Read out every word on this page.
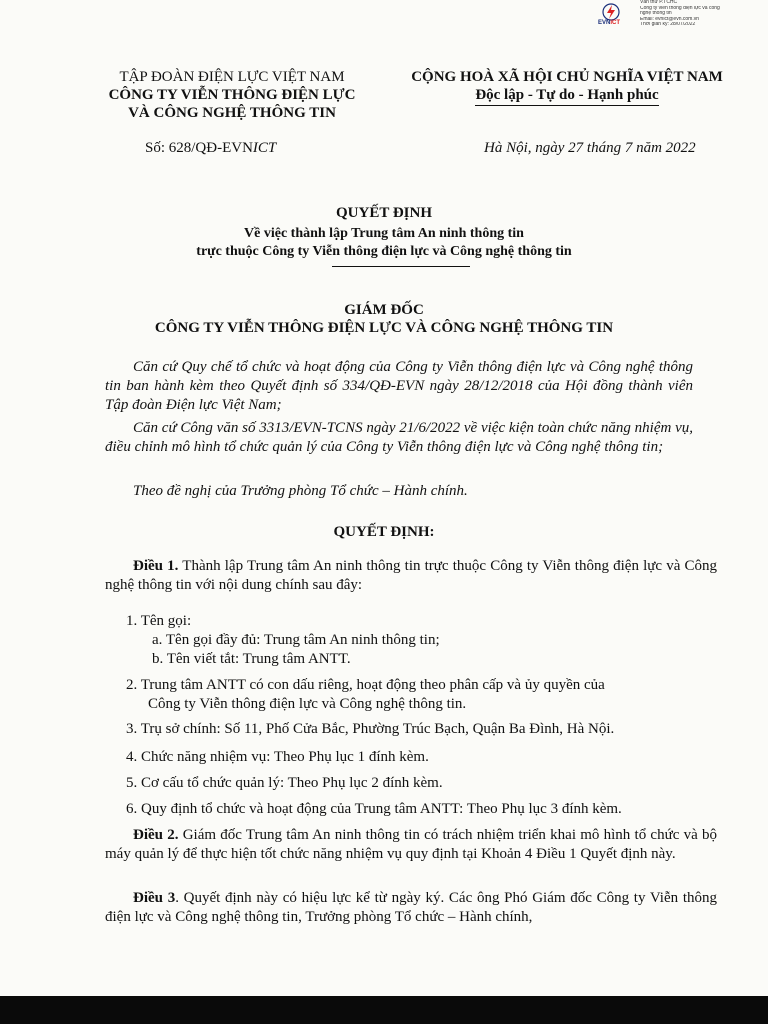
EVNICT
Văn thư P.TCHC
Công ty viễn thông điện lực và công
nghệ thông tin
Email: evnict@evn.com.vn
Thời gian ký: 28/07/2022
TẬP ĐOÀN ĐIỆN LỰC VIỆT NAM
CÔNG TY VIỄN THÔNG ĐIỆN LỰC
VÀ CÔNG NGHỆ THÔNG TIN
CỘNG HOÀ XÃ HỘI CHỦ NGHĨA VIỆT NAM
Độc lập - Tự do - Hạnh phúc
Số: 628/QĐ-EVNICT	Hà Nội, ngày 27 tháng 7 năm 2022
QUYẾT ĐỊNH
Về việc thành lập Trung tâm An ninh thông tin
trực thuộc Công ty Viễn thông điện lực và Công nghệ thông tin
GIÁM ĐỐC
CÔNG TY VIỄN THÔNG ĐIỆN LỰC VÀ CÔNG NGHỆ THÔNG TIN
Căn cứ Quy chế tổ chức và hoạt động của Công ty Viễn thông điện lực và Công nghệ thông tin ban hành kèm theo Quyết định số 334/QĐ-EVN ngày 28/12/2018 của Hội đồng thành viên Tập đoàn Điện lực Việt Nam;
Căn cứ Công văn số 3313/EVN-TCNS ngày 21/6/2022 về việc kiện toàn chức năng nhiệm vụ, điều chỉnh mô hình tổ chức quản lý của Công ty Viễn thông điện lực và Công nghệ thông tin;
Theo đề nghị của Trưởng phòng Tổ chức – Hành chính.
QUYẾT ĐỊNH:
Điều 1. Thành lập Trung tâm An ninh thông tin trực thuộc Công ty Viễn thông điện lực và Công nghệ thông tin với nội dung chính sau đây:
1. Tên gọi:
a. Tên gọi đầy đủ: Trung tâm An ninh thông tin;
b. Tên viết tắt: Trung tâm ANTT.
2. Trung tâm ANTT có con dấu riêng, hoạt động theo phân cấp và ủy quyền của
Công ty Viễn thông điện lực và Công nghệ thông tin.
3. Trụ sở chính: Số 11, Phố Cửa Bắc, Phường Trúc Bạch, Quận Ba Đình, Hà Nội.
4. Chức năng nhiệm vụ: Theo Phụ lục 1 đính kèm.
5. Cơ cấu tổ chức quản lý: Theo Phụ lục 2 đính kèm.
6. Quy định tổ chức và hoạt động của Trung tâm ANTT: Theo Phụ lục 3 đính kèm.
Điều 2. Giám đốc Trung tâm An ninh thông tin có trách nhiệm triển khai mô hình tổ chức và bộ máy quản lý để thực hiện tốt chức năng nhiệm vụ quy định tại Khoản 4 Điều 1 Quyết định này.
Điều 3. Quyết định này có hiệu lực kể từ ngày ký. Các ông Phó Giám đốc Công ty Viễn thông điện lực và Công nghệ thông tin, Trưởng phòng Tổ chức – Hành chính,
